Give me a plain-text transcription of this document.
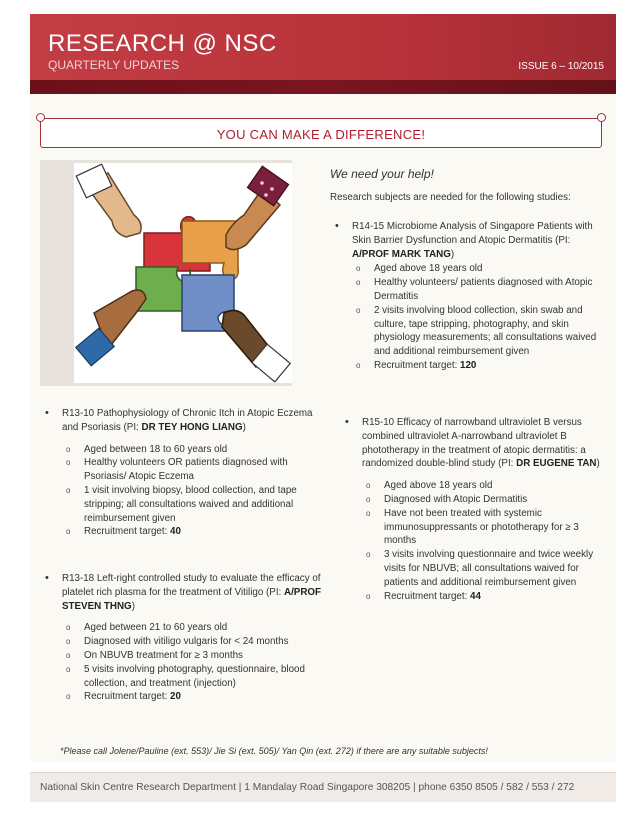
RESEARCH @ NSC
QUARTERLY UPDATES	ISSUE 6 – 10/2015
YOU CAN MAKE A DIFFERENCE!
We need your help!
Research subjects are needed for the following studies:
• R14-15 Microbiome Analysis of Singapore Patients with Skin Barrier Dysfunction and Atopic Dermatitis (PI: A/PROF MARK TANG)
o Aged above 18 years old
o Healthy volunteers/ patients diagnosed with Atopic Dermatitis
o 2 visits involving blood collection, skin swab and culture, tape stripping, photography, and skin physiology measurements; all consultations waived and additional reimbursement given
o Recruitment target: 120
• R13-10 Pathophysiology of Chronic Itch in Atopic Eczema and Psoriasis (PI: DR TEY HONG LIANG)
o Aged between 18 to 60 years old
o Healthy volunteers OR patients diagnosed with Psoriasis/ Atopic Eczema
o 1 visit involving biopsy, blood collection, and tape stripping; all consultations waived and additional reimbursement given
o Recruitment target: 40
• R13-18 Left-right controlled study to evaluate the efficacy of platelet rich plasma for the treatment of Vitiligo (PI: A/PROF STEVEN THNG)
o Aged between 21 to 60 years old
o Diagnosed with vitiligo vulgaris for < 24 months
o On NBUVB treatment for ≥ 3 months
o 5 visits involving photography, questionnaire, blood collection, and treatment (injection)
o Recruitment target: 20
• R15-10 Efficacy of narrowband ultraviolet B versus combined ultraviolet A-narrowband ultraviolet B phototherapy in the treatment of atopic dermatitis: a randomized double-blind study (PI: DR EUGENE TAN)
o Aged above 18 years old
o Diagnosed with Atopic Dermatitis
o Have not been treated with systemic immunosuppressants or phototherapy for ≥ 3 months
o 3 visits involving questionnaire and twice weekly visits for NBUVB; all consultations waived for patients and additional reimbursement given
o Recruitment target: 44
*Please call Jolene/Pauline (ext. 553)/ Jie Si (ext. 505)/ Yan Qin (ext. 272) if there are any suitable subjects!
National Skin Centre Research Department | 1 Mandalay Road Singapore 308205 | phone 6350 8505 / 582 / 553 / 272
